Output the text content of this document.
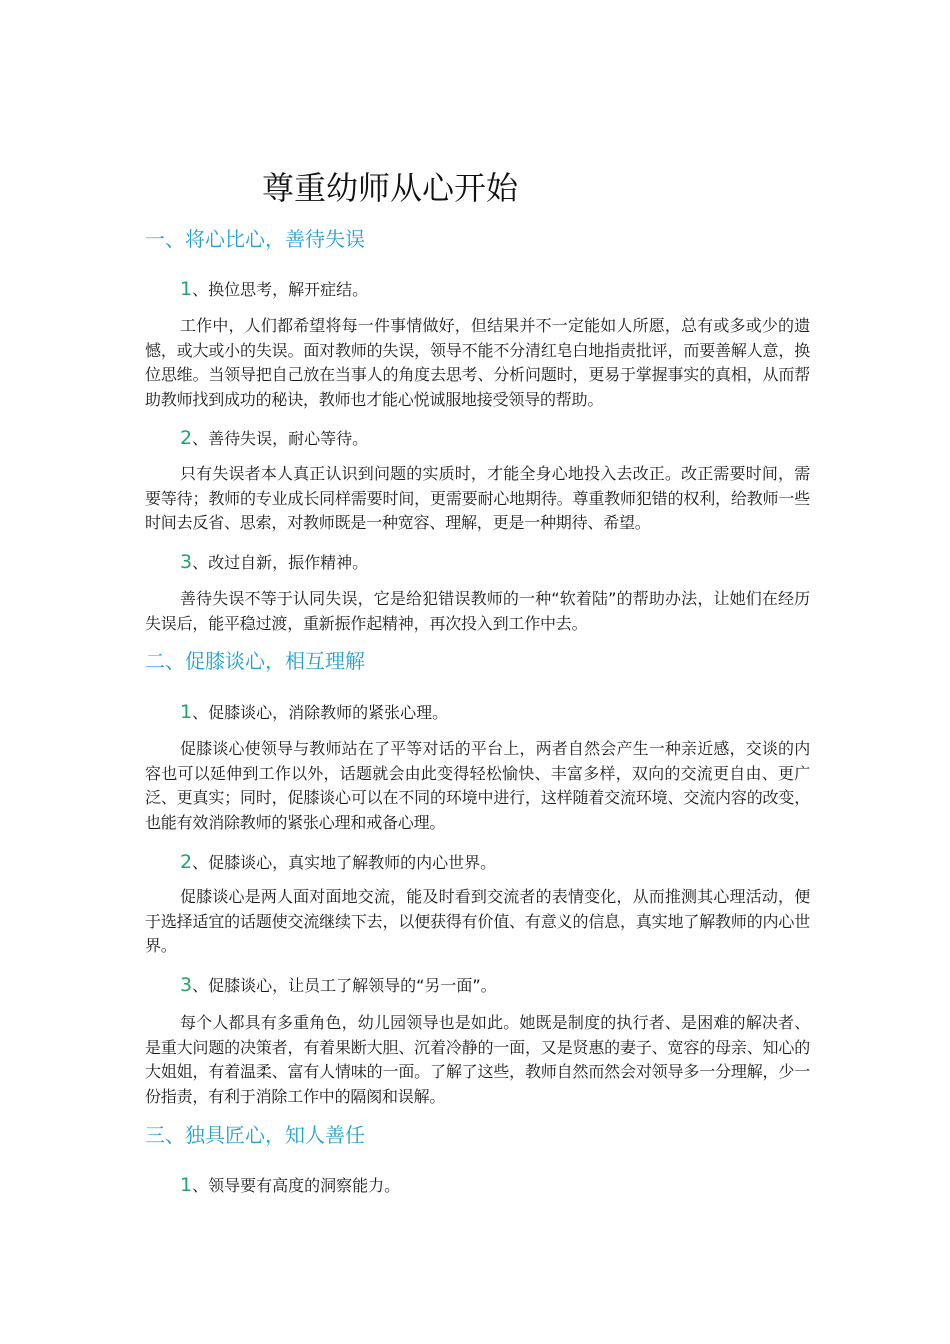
尊重幼师从心开始
一、将心比心，善待失误

1、换位思考，解开症结。

工作中，人们都希望将每一件事情做好，但结果并不一定能如人所愿，总有或多或少的遗憾，或大或小的失误。面对教师的失误，领导不能不分清红皂白地指责批评，而要善解人意，换位思维。当领导把自己放在当事人的角度去思考、分析问题时，更易于掌握事实的真相，从而帮助教师找到成功的秘诀，教师也才能心悦诚服地接受领导的帮助。

2、善待失误，耐心等待。

只有失误者本人真正认识到问题的实质时，才能全身心地投入去改正。改正需要时间，需要等待；教师的专业成长同样需要时间，更需要耐心地期待。尊重教师犯错的权利，给教师一些时间去反省、思索，对教师既是一种宽容、理解，更是一种期待、希望。

3、改过自新，振作精神。

善待失误不等于认同失误，它是给犯错误教师的一种“软着陆”的帮助办法，让她们在经历失误后，能平稳过渡，重新振作起精神，再次投入到工作中去。

二、促膝谈心，相互理解

1、促膝谈心，消除教师的紧张心理。

促膝谈心使领导与教师站在了平等对话的平台上，两者自然会产生一种亲近感，交谈的内容也可以延伸到工作以外，话题就会由此变得轻松愉快、丰富多样，双向的交流更自由、更广泛、更真实；同时，促膝谈心可以在不同的环境中进行，这样随着交流环境、交流内容的改变，也能有效消除教师的紧张心理和戒备心理。

2、促膝谈心，真实地了解教师的内心世界。

促膝谈心是两人面对面地交流，能及时看到交流者的表情变化，从而推测其心理活动，便于选择适宜的话题使交流继续下去，以便获得有价值、有意义的信息，真实地了解教师的内心世界。

3、促膝谈心，让员工了解领导的“另一面”。

每个人都具有多重角色，幼儿园领导也是如此。她既是制度的执行者、是困难的解决者、是重大问题的决策者，有着果断大胆、沉着冷静的一面，又是贤惠的妻子、宽容的母亲、知心的大姐姐，有着温柔、富有人情味的一面。了解了这些，教师自然而然会对领导多一分理解，少一份指责，有利于消除工作中的隔阂和误解。

三、独具匠心，知人善任

1、领导要有高度的洞察能力。
